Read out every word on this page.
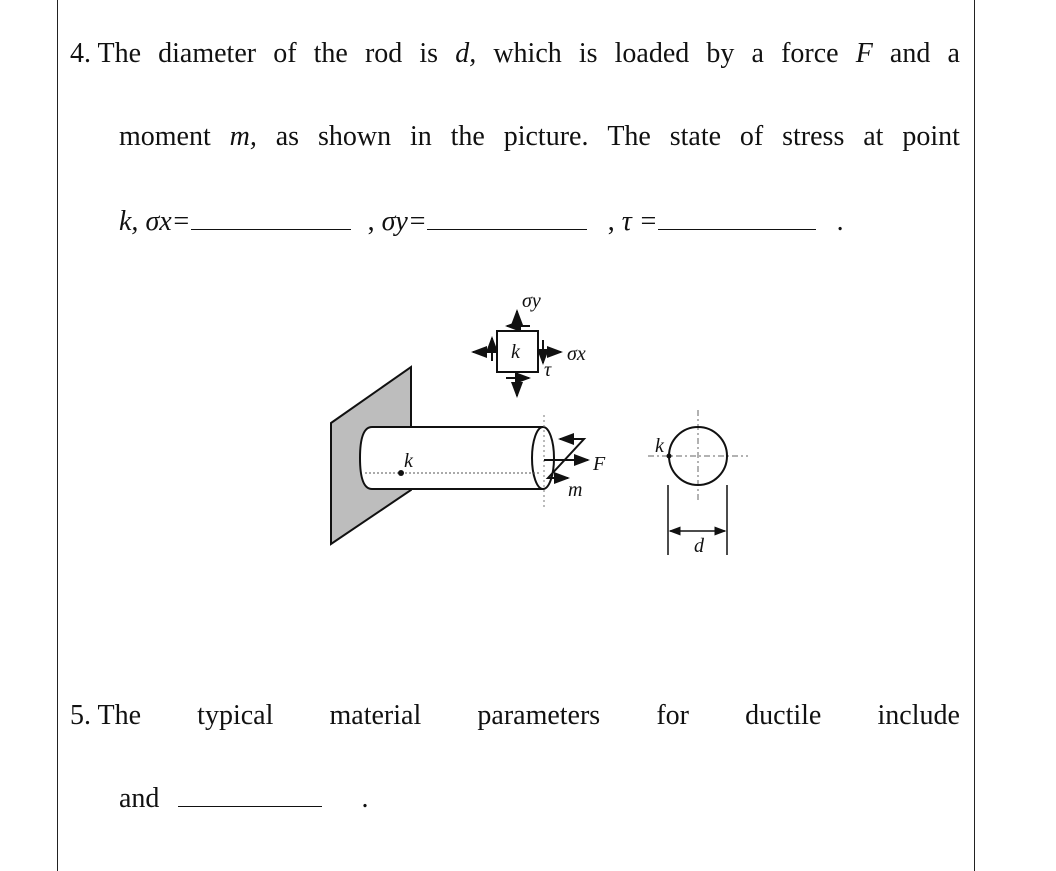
4. The diameter of the rod is d, which is loaded by a force F and a
moment m, as shown in the picture. The state of stress at point
k, σx=	, σy=	, τ =	.
k	F
m
k σx
σy
τ
k
d
5. The typical material parameters for ductile include
and	.
